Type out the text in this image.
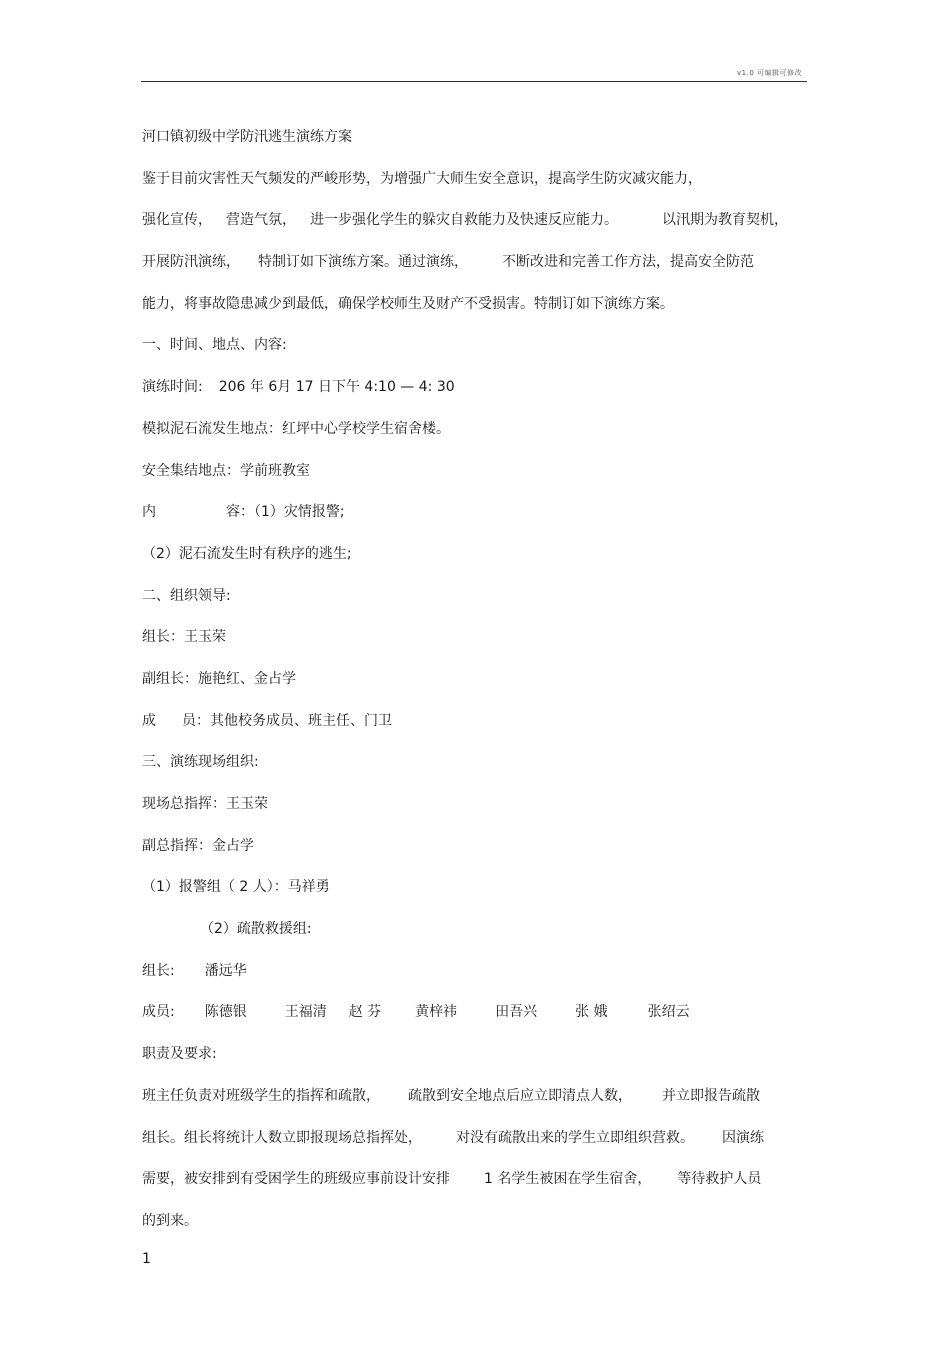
v1.0 可编辑可修改
河口镇初级中学防汛逃生演练方案
鉴于目前灾害性天气频发的严峻形势，为增强广大师生安全意识，提高学生防灾减灾能力，
强化宣传， 营造气氛， 进一步强化学生的躲灾自救能力及快速反应能力。	以汛期为教育契机，
开展防汛演练， 特制订如下演练方案。通过演练， 不断改进和完善工作方法，提高安全防范
能力，将事故隐患减少到最低，确保学校师生及财产不受损害。特制订如下演练方案。
一、时间、地点、内容:
演练时间: 206 年 6月 17 日下午 4:10 — 4: 30
模拟泥石流发生地点：红坪中心学校学生宿舍楼。
安全集结地点：学前班教室
内	容：（1）灾情报警;
（2）泥石流发生时有秩序的逃生;
二、组织领导:
组长：王玉荣
副组长：施艳红、金占学
成 员：其他校务成员、班主任、门卫
三、演练现场组织:
现场总指挥：王玉荣
副总指挥：金占学
（1）报警组（ 2 人）：马祥勇
（2）疏散救援组:
组长: 潘远华
成员: 陈德银	王福清 赵 芬 黄梓祎	田吾兴	张 娥	张绍云
职责及要求:
班主任负责对班级学生的指挥和疏散， 疏散到安全地点后应立即清点人数， 并立即报告疏散
组长。组长将统计人数立即报现场总指挥处， 对没有疏散出来的学生立即组织营救。 因演练
需要，被安排到有受困学生的班级应事前设计安排 1 名学生被困在学生宿舍， 等待救护人员
的到来。
1
